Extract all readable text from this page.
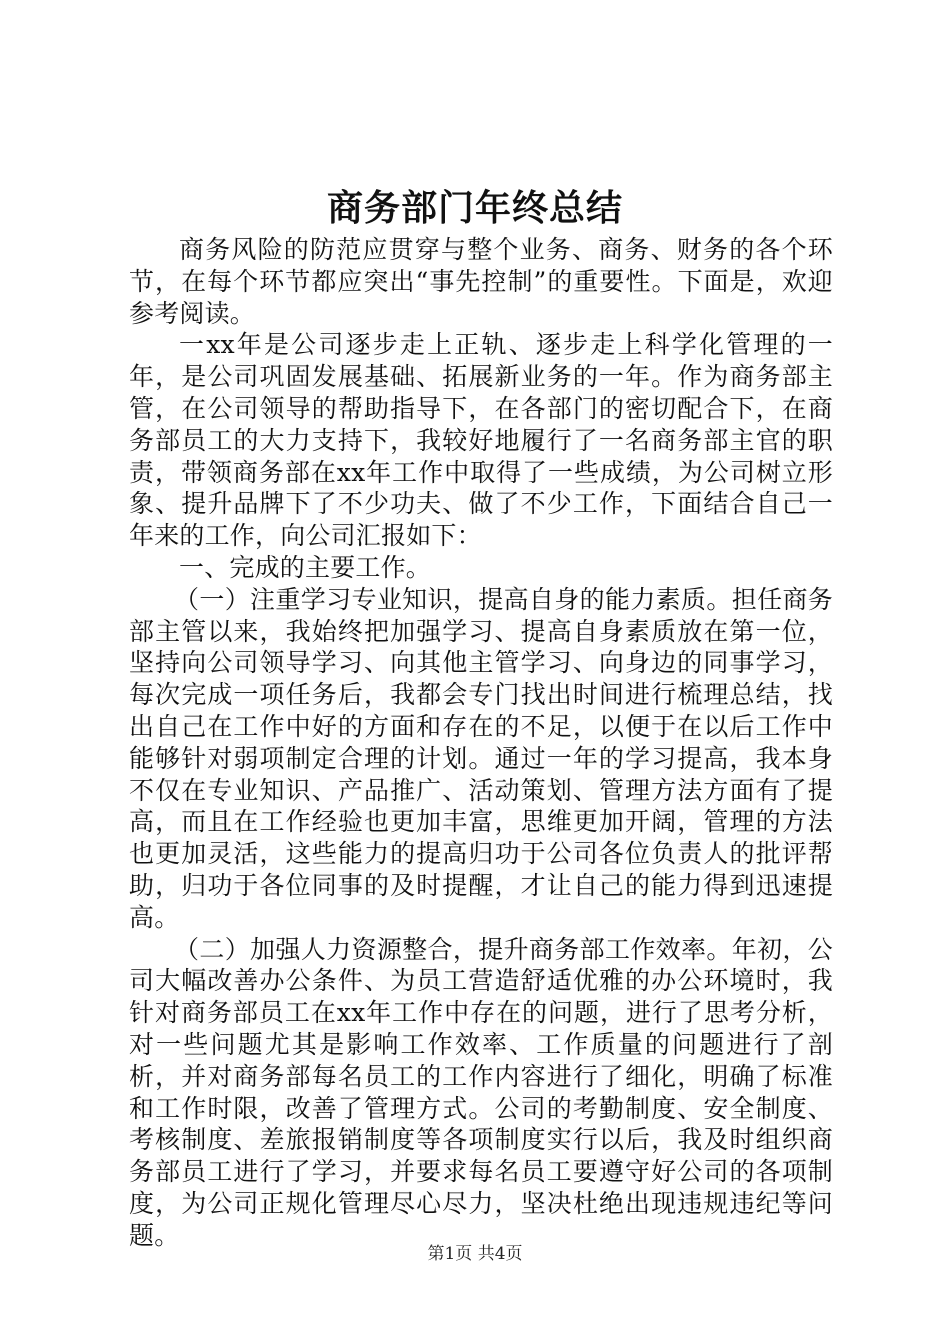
商务部门年终总结

商务风险的防范应贯穿与整个业务、商务、财务的各个环节，在每个环节都应突出“事先控制”的重要性。下面是，欢迎参考阅读。

一xx年是公司逐步走上正轨、逐步走上科学化管理的一年，是公司巩固发展基础、拓展新业务的一年。作为商务部主管，在公司领导的帮助指导下，在各部门的密切配合下，在商务部员工的大力支持下，我较好地履行了一名商务部主官的职责，带领商务部在xx年工作中取得了一些成绩，为公司树立形象、提升品牌下了不少功夫、做了不少工作，下面结合自己一年来的工作，向公司汇报如下：

一、完成的主要工作。

（一）注重学习专业知识，提高自身的能力素质。担任商务部主管以来，我始终把加强学习、提高自身素质放在第一位，坚持向公司领导学习、向其他主管学习、向身边的同事学习，每次完成一项任务后，我都会专门找出时间进行梳理总结，找出自己在工作中好的方面和存在的不足，以便于在以后工作中能够针对弱项制定合理的计划。通过一年的学习提高，我本身不仅在专业知识、产品推广、活动策划、管理方法方面有了提高，而且在工作经验也更加丰富，思维更加开阔，管理的方法也更加灵活，这些能力的提高归功于公司各位负责人的批评帮助，归功于各位同事的及时提醒，才让自己的能力得到迅速提高。

（二）加强人力资源整合，提升商务部工作效率。年初，公司大幅改善办公条件、为员工营造舒适优雅的办公环境时，我针对商务部员工在xx年工作中存在的问题，进行了思考分析，对一些问题尤其是影响工作效率、工作质量的问题进行了剖析，并对商务部每名员工的工作内容进行了细化，明确了标准和工作时限，改善了管理方式。公司的考勤制度、安全制度、考核制度、差旅报销制度等各项制度实行以后，我及时组织商务部员工进行了学习，并要求每名员工要遵守好公司的各项制度，为公司正规化管理尽心尽力，坚决杜绝出现违规违纪等问题。

第1页 共4页
